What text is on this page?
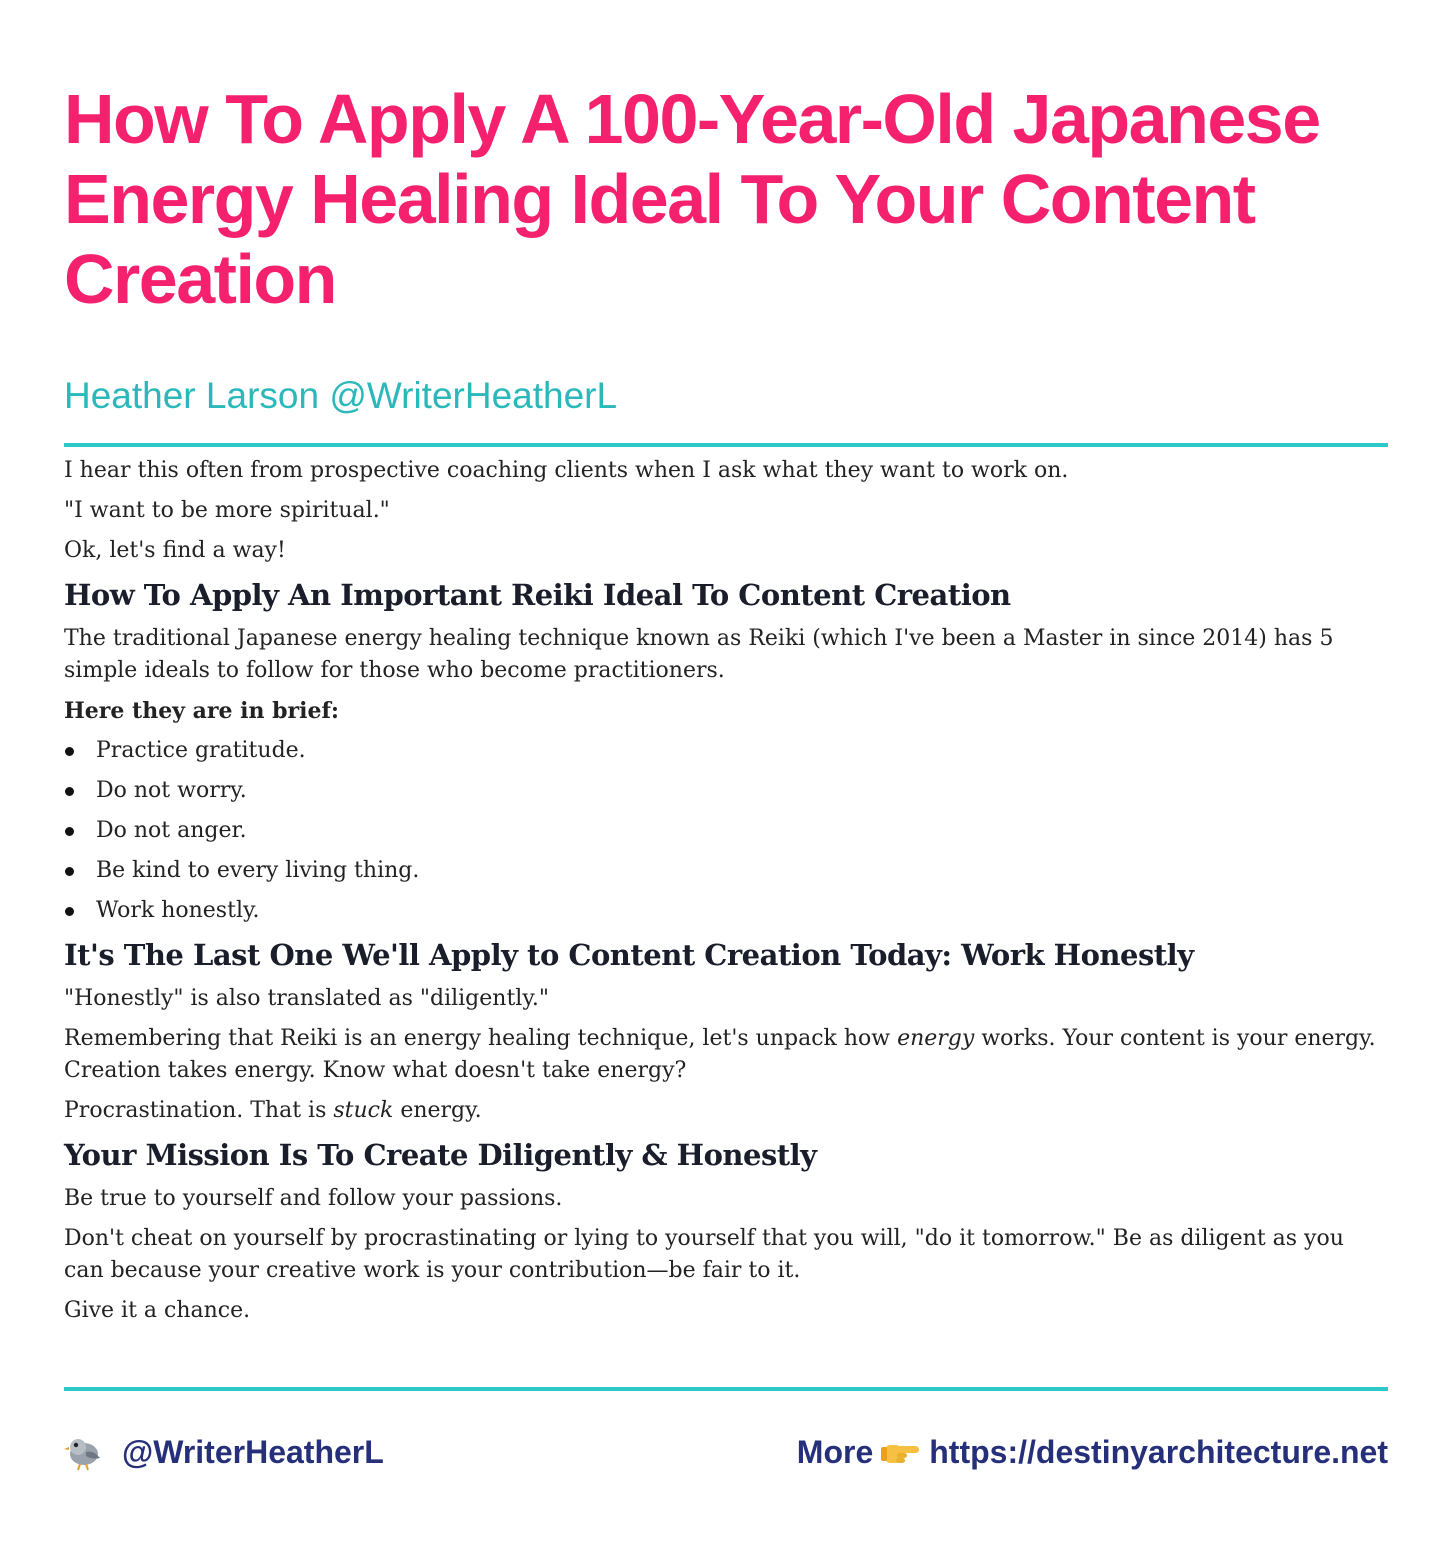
How To Apply A 100-Year-Old Japanese Energy Healing Ideal To Your Content Creation
Heather Larson @WriterHeatherL

I hear this often from prospective coaching clients when I ask what they want to work on.

"I want to be more spiritual."

Ok, let's find a way!

How To Apply An Important Reiki Ideal To Content Creation

The traditional Japanese energy healing technique known as Reiki (which I've been a Master in since 2014) has 5 simple ideals to follow for those who become practitioners.

Here they are in brief:

Practice gratitude.
Do not worry.
Do not anger.
Be kind to every living thing.
Work honestly.
It's The Last One We'll Apply to Content Creation Today: Work Honestly

"Honestly" is also translated as "diligently."

Remembering that Reiki is an energy healing technique, let's unpack how energy works. Your content is your energy. Creation takes energy. Know what doesn't take energy?

Procrastination. That is stuck energy.

Your Mission Is To Create Diligently & Honestly

Be true to yourself and follow your passions.

Don't cheat on yourself by procrastinating or lying to yourself that you will, "do it tomorrow." Be as diligent as you can because your creative work is your contribution—be fair to it.

Give it a chance.

@WriterHeatherL	More https://destinyarchitecture.net
